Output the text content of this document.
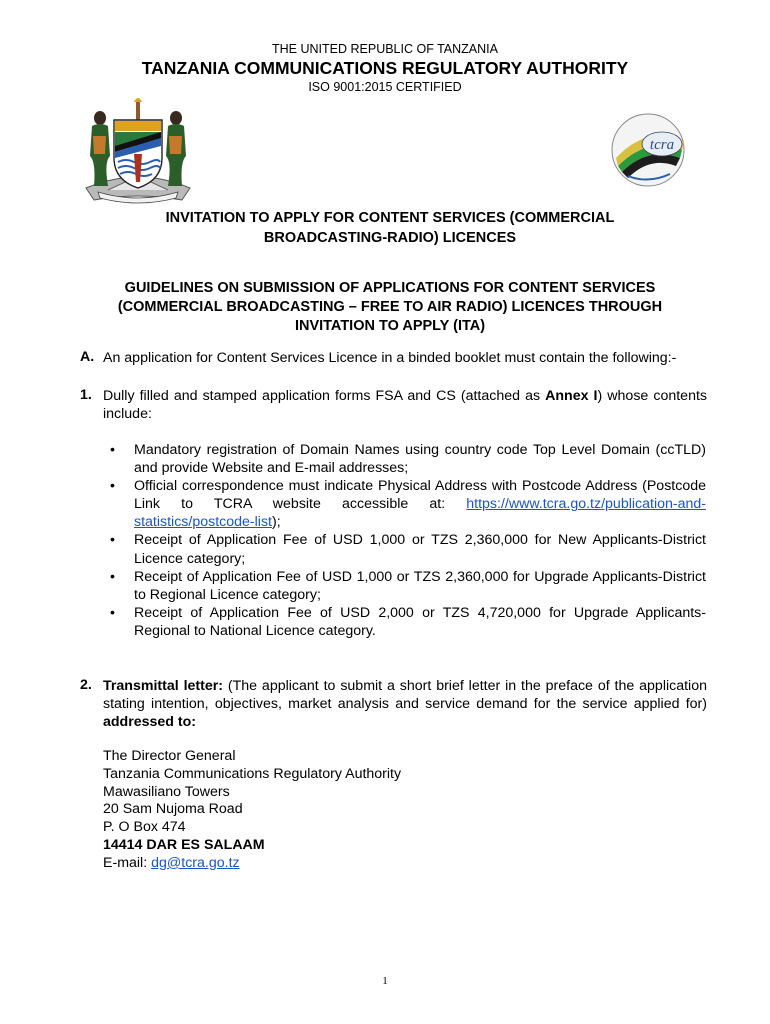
THE UNITED REPUBLIC OF TANZANIA
TANZANIA COMMUNICATIONS REGULATORY AUTHORITY
ISO 9001:2015 CERTIFIED
tcra
INVITATION TO APPLY FOR CONTENT SERVICES (COMMERCIAL
BROADCASTING-RADIO) LICENCES
GUIDELINES ON SUBMISSION OF APPLICATIONS FOR CONTENT SERVICES
(COMMERCIAL BROADCASTING – FREE TO AIR RADIO) LICENCES THROUGH
INVITATION TO APPLY (ITA)
A. An application for Content Services Licence in a binded booklet must contain the following:-
1. Dully filled and stamped application forms FSA and CS (attached as Annex I) whose contents include:
• Mandatory registration of Domain Names using country code Top Level Domain (ccTLD) and provide Website and E-mail addresses;
• Official correspondence must indicate Physical Address with Postcode Address (Postcode Link to TCRA website accessible at: https://www.tcra.go.tz/publication-and-statistics/postcode-list);
• Receipt of Application Fee of USD 1,000 or TZS 2,360,000 for New Applicants-District Licence category;
• Receipt of Application Fee of USD 1,000 or TZS 2,360,000 for Upgrade Applicants-District to Regional Licence category;
• Receipt of Application Fee of USD 2,000 or TZS 4,720,000 for Upgrade Applicants-Regional to National Licence category.
2. Transmittal letter: (The applicant to submit a short brief letter in the preface of the application stating intention, objectives, market analysis and service demand for the service applied for) addressed to:
The Director General
Tanzania Communications Regulatory Authority
Mawasiliano Towers
20 Sam Nujoma Road
P. O Box 474
14414 DAR ES SALAAM
E-mail: dg@tcra.go.tz
1
